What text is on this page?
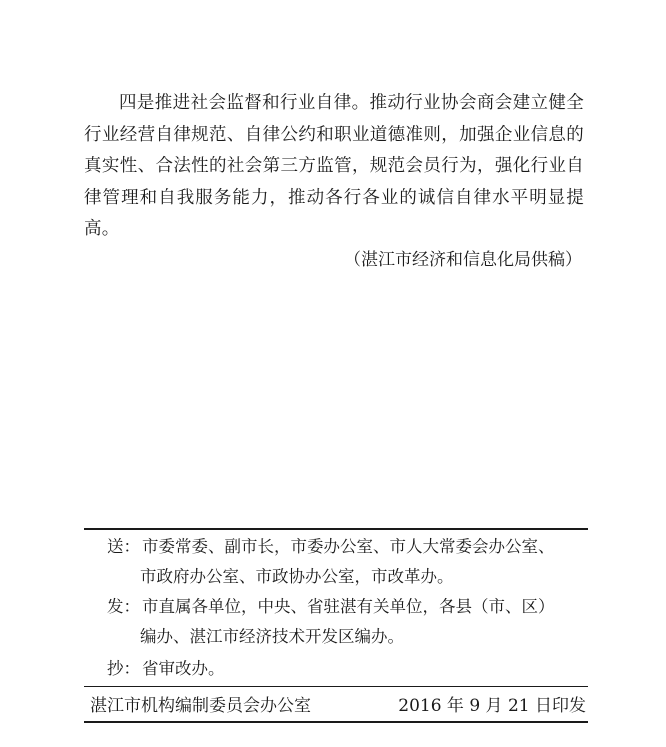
四是推进社会监督和行业自律。推动行业协会商会建立健全行业经营自律规范、自律公约和职业道德准则，加强企业信息的真实性、合法性的社会第三方监管，规范会员行为，强化行业自律管理和自我服务能力，推动各行各业的诚信自律水平明显提高。

（湛江市经济和信息化局供稿）

送： 市委常委、副市长，市委办公室、市人大常委会办公室、
市政府办公室、市政协办公室，市改革办。
发： 市直属各单位，中央、省驻湛有关单位，各县（市、区）
编办、湛江市经济技术开发区编办。
抄： 省审改办。
湛江市机构编制委员会办公室	2016 年 9 月 21 日印发
